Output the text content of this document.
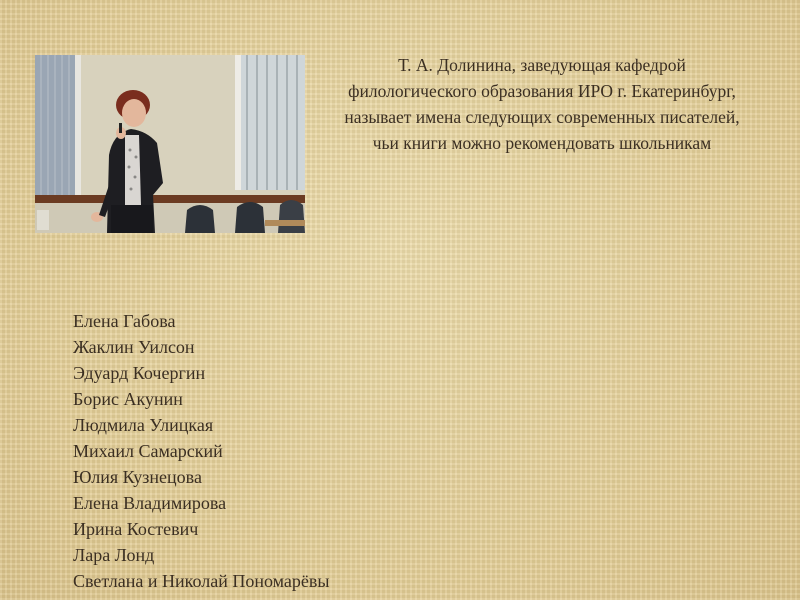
Т. А. Долинина, заведующая кафедрой филологического образования ИРО г. Екатеринбург, называет имена следующих современных писателей, чьи книги можно рекомендовать школьникам
Елена Габова
Жаклин Уилсон
Эдуард Кочергин
Борис Акунин
Людмила Улицкая
Михаил Самарский
Юлия Кузнецова
Елена Владимирова
Ирина Костевич
Лара Лонд
Светлана и Николай Пономарёвы
